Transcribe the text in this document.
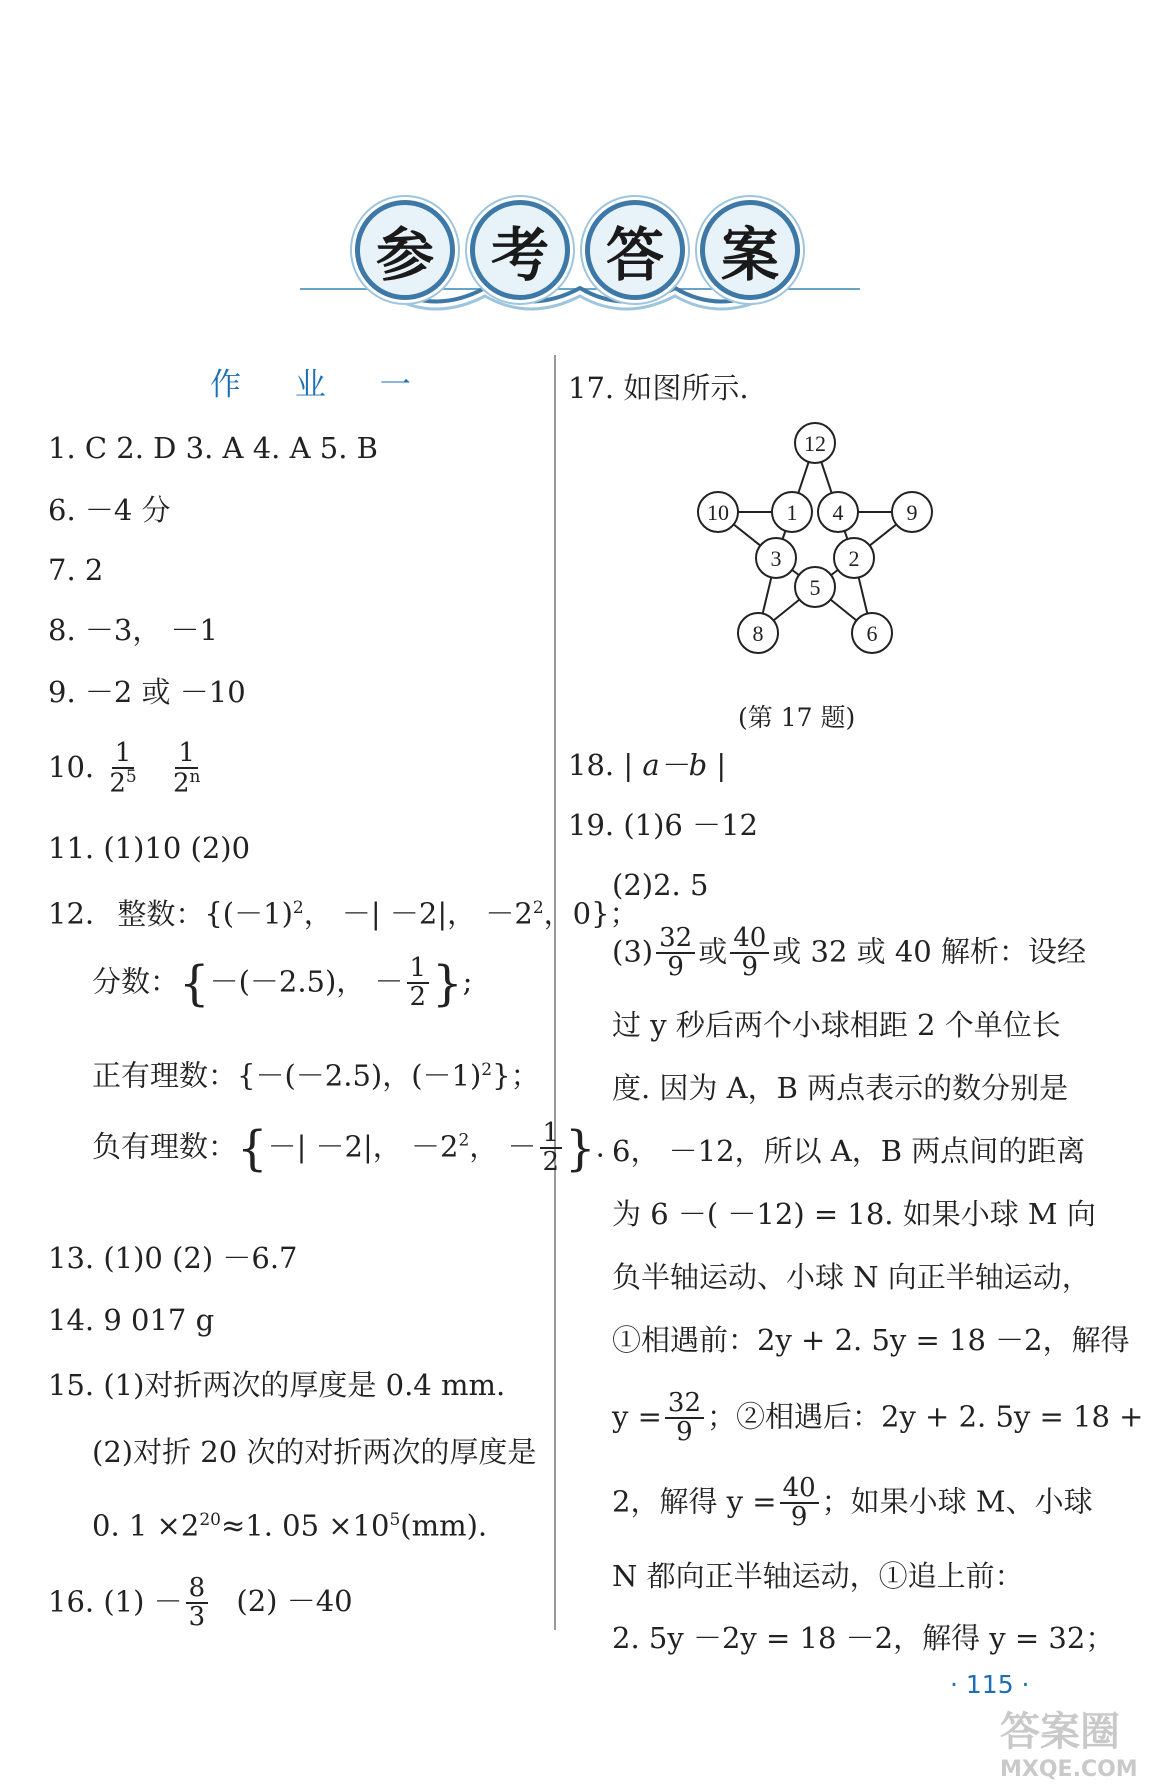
参 考 答 案
作 业 一
1. C 2. D 3. A 4. A 5. B
6. －4 分
7. 2
8. －3， －1
9. －2 或 －10
10. $\frac{1}{2^5}$
$\frac{1}{2^n}$
11. (1)10 (2)0
12. 整数：{$(-1)^2$， －| －2|， $-2^2$，0}；
分数：{－(－2.5)， － $\frac{1}{2}$ };
正有理数：{－(－2.5)，$(-1)^2$}；
负有理数：{－| －2|， $-2^2$， － $\frac{1}{2}$ }.
13. (1)0 (2) －6.7
14. 9 017 g
15. (1)对折两次的厚度是 0.4 mm.
(2)对折 20 次的对折两次的厚度是
0. $1 \times 2^{20}\approx 1$. $05 \times 10^5(mm)$.
16. $(1) - \frac{8}{3} (2) -40$
17. 如图所示.
12
10	1 4	9
3	2
5
8	6
(第 17 题)
18. | a－b |
19. (1)6 －12
(2)2. 5
$(3) \frac{32}{9}$ 或 $\frac{40}{9}$ 或 32 或 40 解析：设经
过 y 秒后两个小球相距 2 个单位长
度. 因为 A，B 两点表示的数分别是
6， －12，所以 A，B 两点间的距离
为 6 －( －12) = 18. 如果小球 M 向
负半轴运动、小球 N 向正半轴运动，
①相遇前：2y + 2. 5y = 18 －2，解得
$y = \frac{32}{9}$ ；②相遇后：2y + 2. 5y = 18 +
2，解得 $y = \frac{40}{9}$ ；如果小球 M、小球
N 都向正半轴运动，①追上前：
2. 5y －2y = 18 －2，解得 y = 32；
· 115 ·
答案圈
MXQE.COM
